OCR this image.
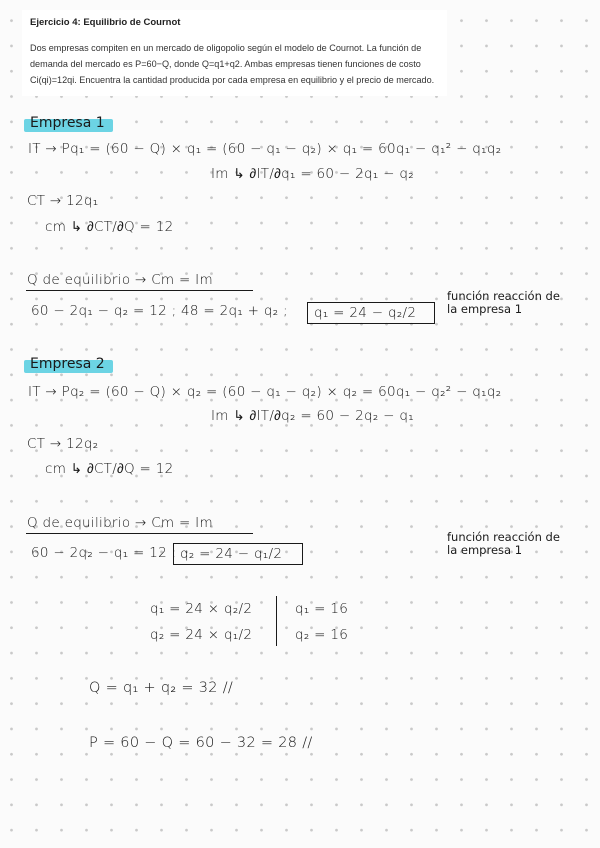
Ejercicio 4: Equilibrio de Cournot

Dos empresas compiten en un mercado de oligopolio según el modelo de Cournot. La función de demanda del mercado es P=60−Q, donde Q=q1+q2. Ambas empresas tienen funciones de costo Ci(qi)=12qi. Encuentra la cantidad producida por cada empresa en equilibrio y el precio de mercado.

Empresa 1
IT → Pq₁ = (60 − Q) × q₁ = (60 − q₁ − q₂) × q₁ = 60q₁ − q₁² − q₁q₂
Im ↳ ∂IT/∂q₁ = 60 − 2q₁ − q₂
CT → 12q₁
cm ↳ ∂CT/∂Q = 12
Q de equilibrio → Cm = Im
60 − 2q₁ − q₂ = 12 ; 48 = 2q₁ + q₂ ; q₁ = 24 − q₂/2
función reacción de
la empresa 1
Empresa 2
IT → Pq₂ = (60 − Q) × q₂ = (60 − q₁ − q₂) × q₂ = 60q₁ − q₂² − q₁q₂
Im ↳ ∂IT/∂q₂ = 60 − 2q₂ − q₁
CT → 12q₂
cm ↳ ∂CT/∂Q = 12
Q de equilibrio → Cm = Im
60 − 2q₂ − q₁ = 12 ; q₂ = 24 − q₁/2
función reacción de
la empresa 1
q₁ = 24 × q₂/2
q₂ = 24 × q₁/2
q₁ = 16
q₂ = 16
Q = q₁ + q₂ = 32 //
P = 60 − Q = 60 − 32 = 28 //
